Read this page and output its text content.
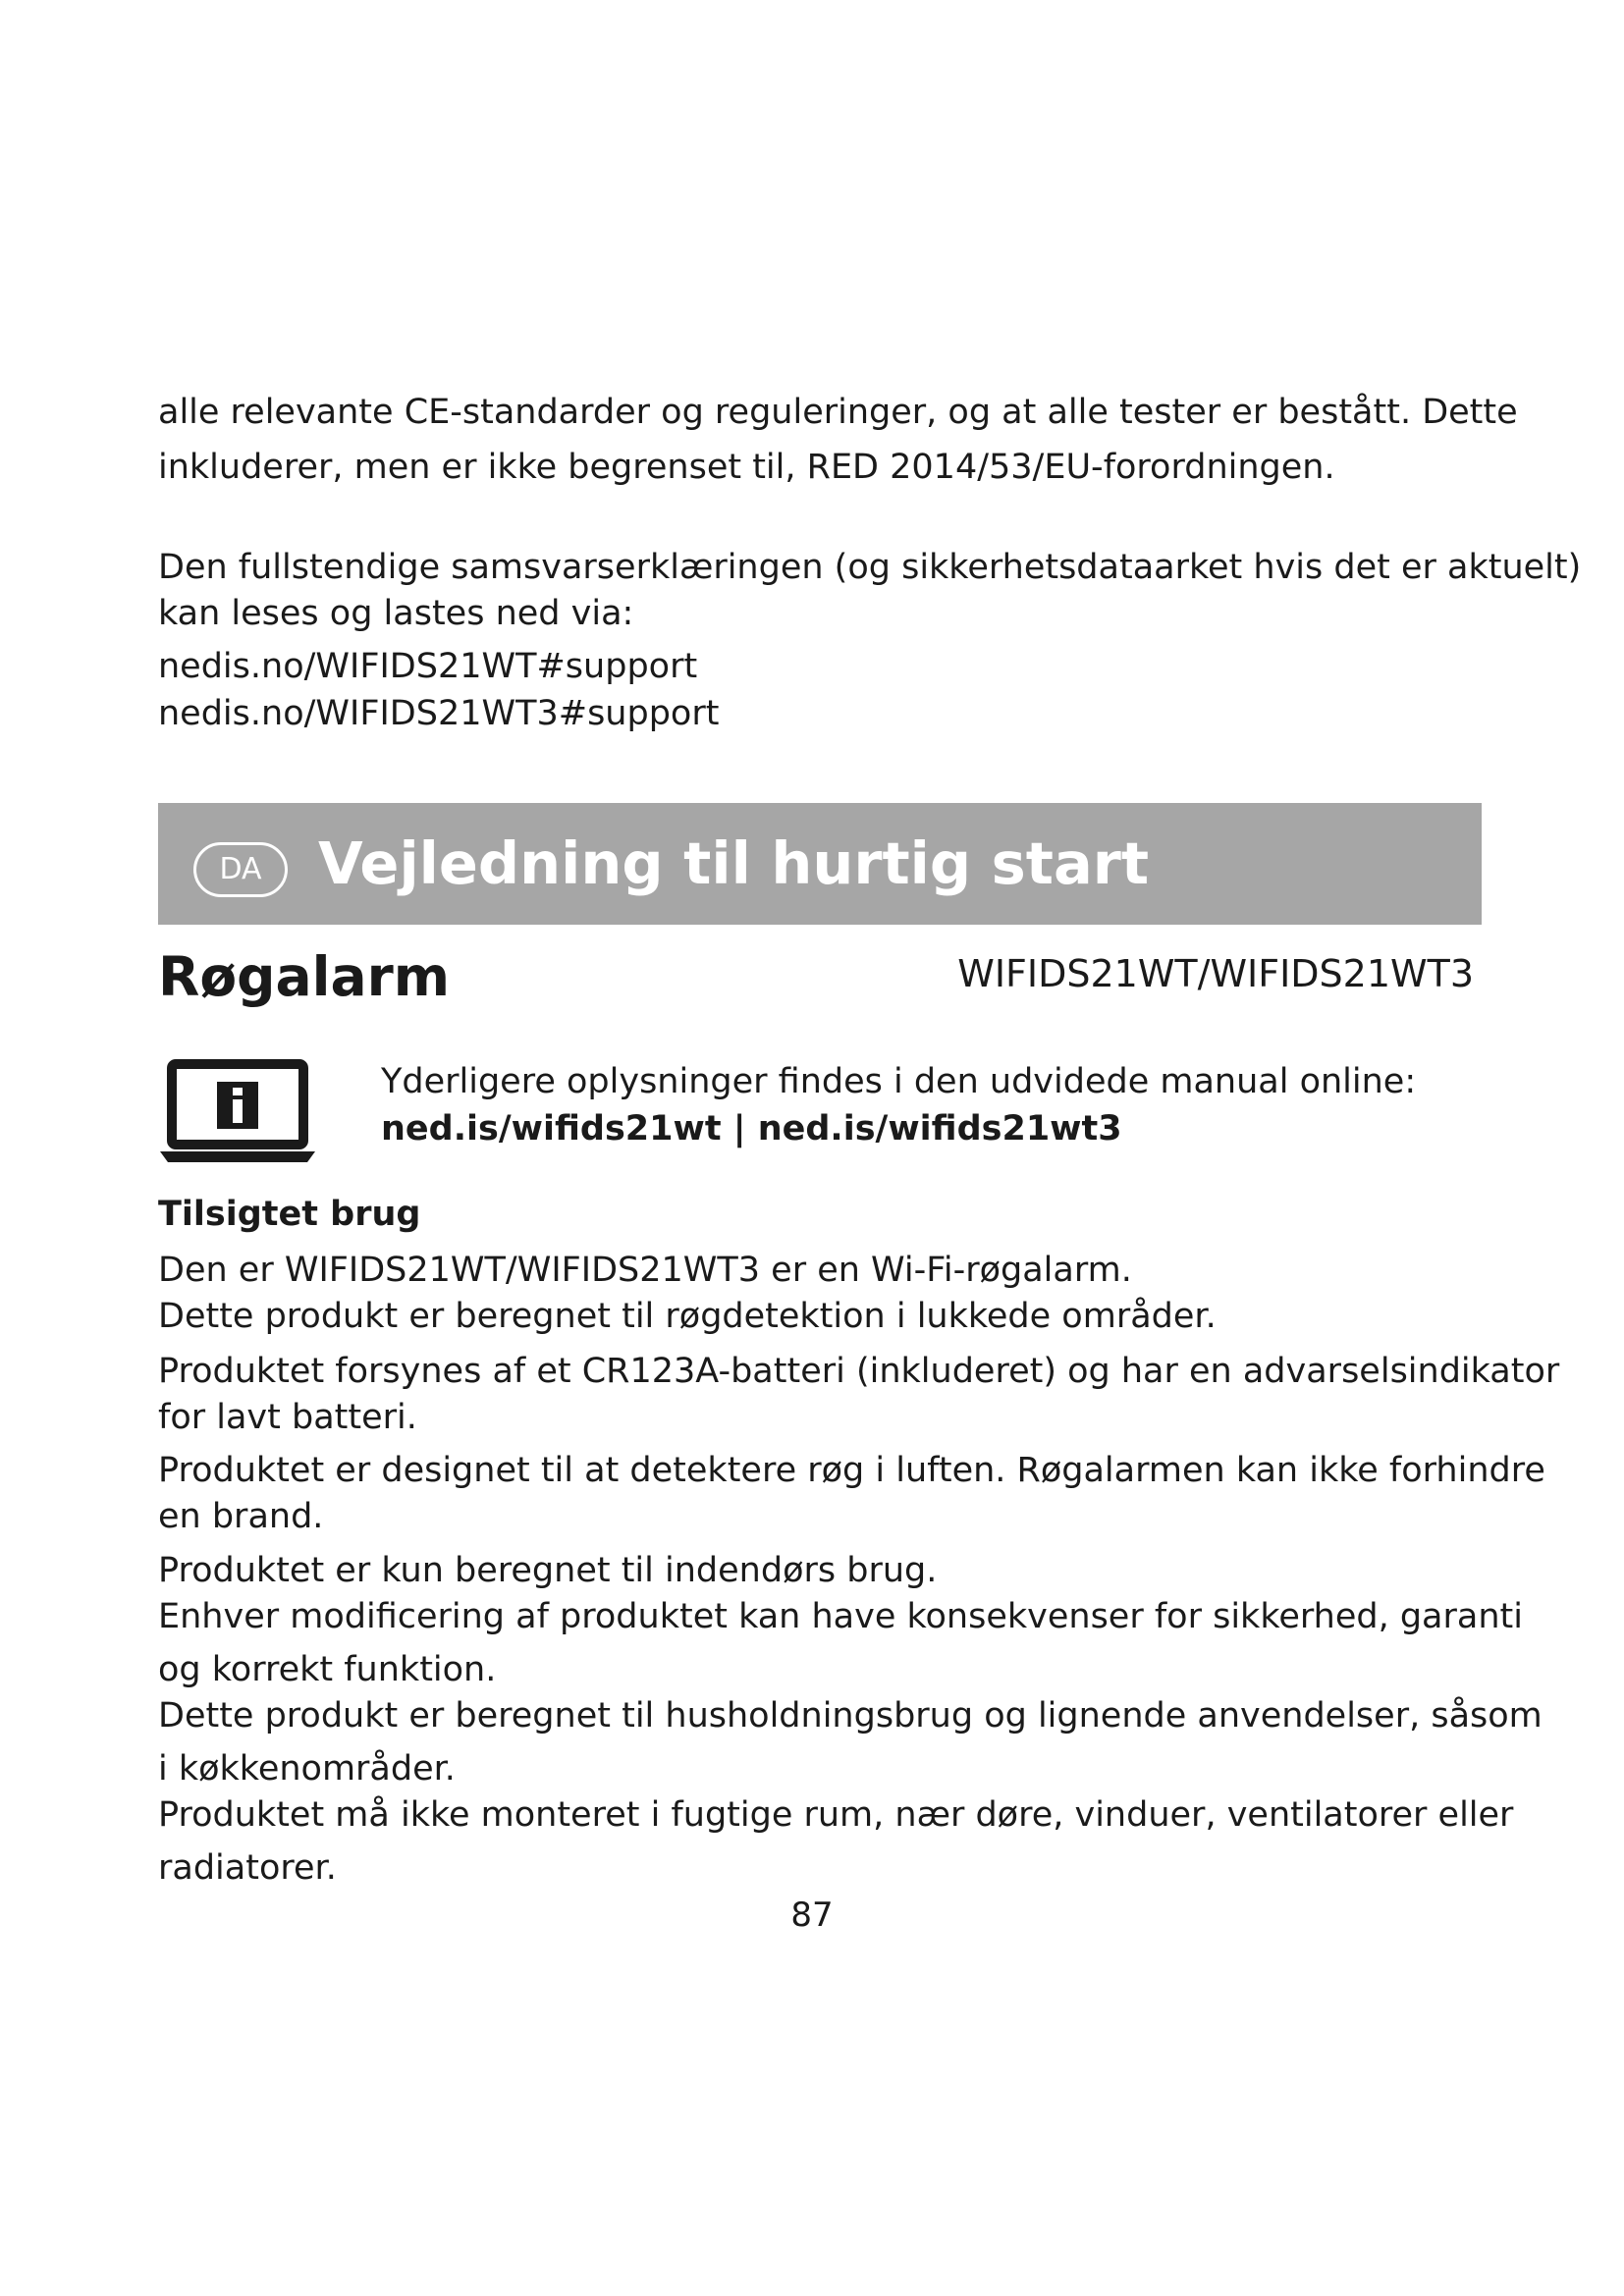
alle relevante CE-standarder og reguleringer, og at alle tester er bestått. Dette

inkluderer, men er ikke begrenset til, RED 2014/53/EU-forordningen.

Den fullstendige samsvarserklæringen (og sikkerhetsdataarket hvis det er aktuelt)

kan leses og lastes ned via:

nedis.no/WIFIDS21WT#support

nedis.no/WIFIDS21WT3#support

DA Vejledning til hurtig start
Røgalarm	WIFIDS21WT/WIFIDS21WT3

Yderligere oplysninger findes i den udvidede manual online:

ned.is/wifids21wt | ned.is/wifids21wt3

Tilsigtet brug

Den er WIFIDS21WT/WIFIDS21WT3 er en Wi-Fi-røgalarm.

Dette produkt er beregnet til røgdetektion i lukkede områder.

Produktet forsynes af et CR123A-batteri (inkluderet) og har en advarselsindikator

for lavt batteri.

Produktet er designet til at detektere røg i luften. Røgalarmen kan ikke forhindre

en brand.

Produktet er kun beregnet til indendørs brug.

Enhver modificering af produktet kan have konsekvenser for sikkerhed, garanti

og korrekt funktion.

Dette produkt er beregnet til husholdningsbrug og lignende anvendelser, såsom

i køkkenområder.

Produktet må ikke monteret i fugtige rum, nær døre, vinduer, ventilatorer eller

radiatorer.

87
